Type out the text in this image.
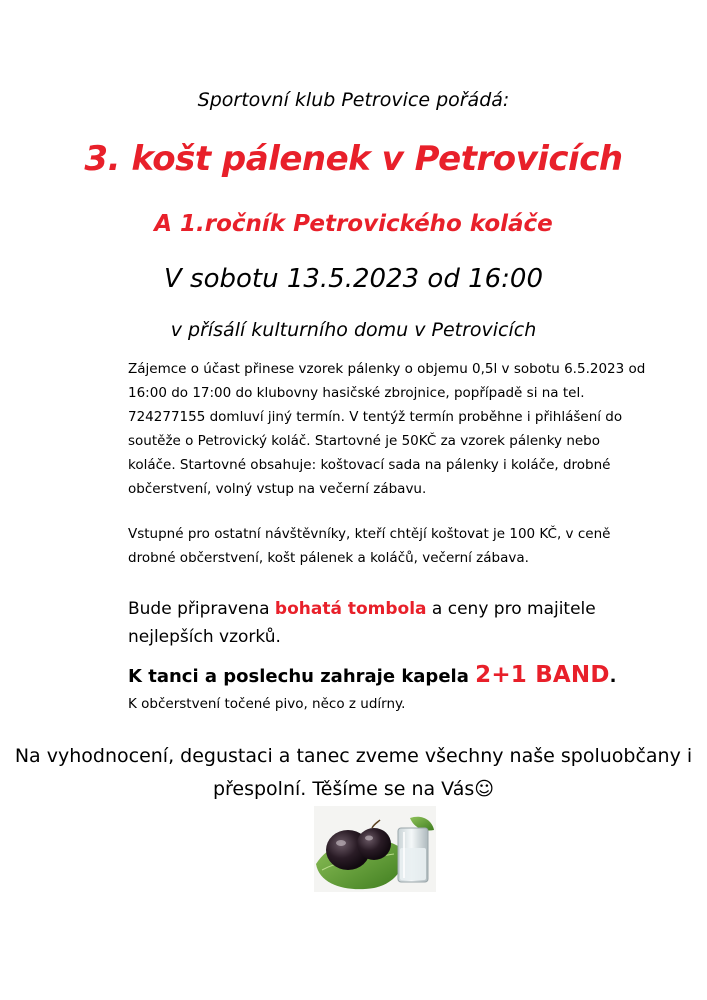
Sportovní klub Petrovice pořádá:

3. košt pálenek v Petrovicích
A 1.ročník Petrovického koláče

V sobotu 13.5.2023 od 16:00

v přísálí kulturního domu v Petrovicích

Zájemce o účast přinese vzorek pálenky o objemu 0,5l v sobotu 6.5.2023 od 16:00 do 17:00 do klubovny hasičské zbrojnice, popřípadě si na tel. 724277155 domluví jiný termín. V tentýž termín proběhne i přihlášení do soutěže o Petrovický koláč. Startovné je 50KČ za vzorek pálenky nebo koláče. Startovné obsahuje: koštovací sada na pálenky i koláče, drobné občerstvení, volný vstup na večerní zábavu.

Vstupné pro ostatní návštěvníky, kteří chtějí koštovat je 100 KČ, v ceně drobné občerstvení, košt pálenek a koláčů, večerní zábava.

Bude připravena bohatá tombola a ceny pro majitele nejlepších vzorků.

K tanci a poslechu zahraje kapela 2+1 BAND.

K občerstvení točené pivo, něco z udírny.

Na vyhodnocení, degustaci a tanec zveme všechny naše spoluobčany i přespolní. Těšíme se na Vás☺
